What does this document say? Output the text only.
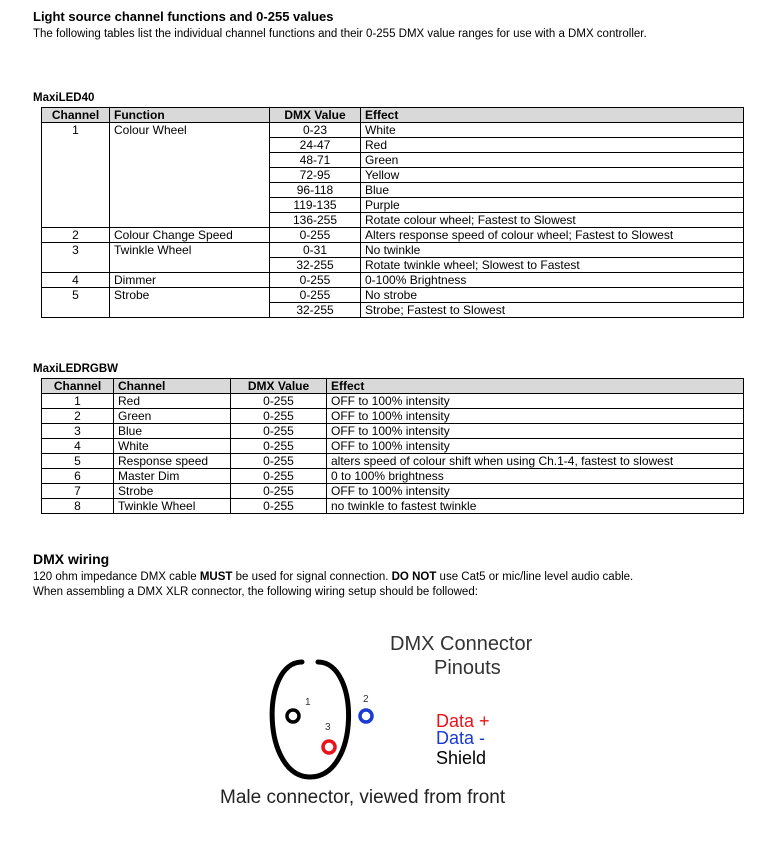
Light source channel functions and 0-255 values
The following tables list the individual channel functions and their 0-255 DMX value ranges for use with a DMX controller.
MaxiLED40
Channel	Function	DMX Value	Effect
1	Colour Wheel	0-23	White
		24-47	Red
		48-71	Green
		72-95	Yellow
		96-118	Blue
		119-135	Purple
		136-255	Rotate colour wheel; Fastest to Slowest
2	Colour Change Speed	0-255	Alters response speed of colour wheel; Fastest to Slowest
3	Twinkle Wheel	0-31	No twinkle
		32-255	Rotate twinkle wheel; Slowest to Fastest
4	Dimmer	0-255	0-100% Brightness
5	Strobe	0-255	No strobe
		32-255	Strobe; Fastest to Slowest
MaxiLEDRGBW
Channel	Channel	DMX Value	Effect
1	Red	0-255	OFF to 100% intensity
2	Green	0-255	OFF to 100% intensity
3	Blue	0-255	OFF to 100% intensity
4	White	0-255	OFF to 100% intensity
5	Response speed	0-255	alters speed of colour shift when using Ch.1-4, fastest to slowest
6	Master Dim	0-255	0 to 100% brightness
7	Strobe	0-255	OFF to 100% intensity
8	Twinkle Wheel	0-255	no twinkle to fastest twinkle
DMX wiring
120 ohm impedance DMX cable MUST be used for signal connection. DO NOT use Cat5 or mic/line level audio cable.
When assembling a DMX XLR connector, the following wiring setup should be followed:
1	2
3
DMX Connector
Pinouts
Data +
Data -
Shield
Male connector, viewed from front
